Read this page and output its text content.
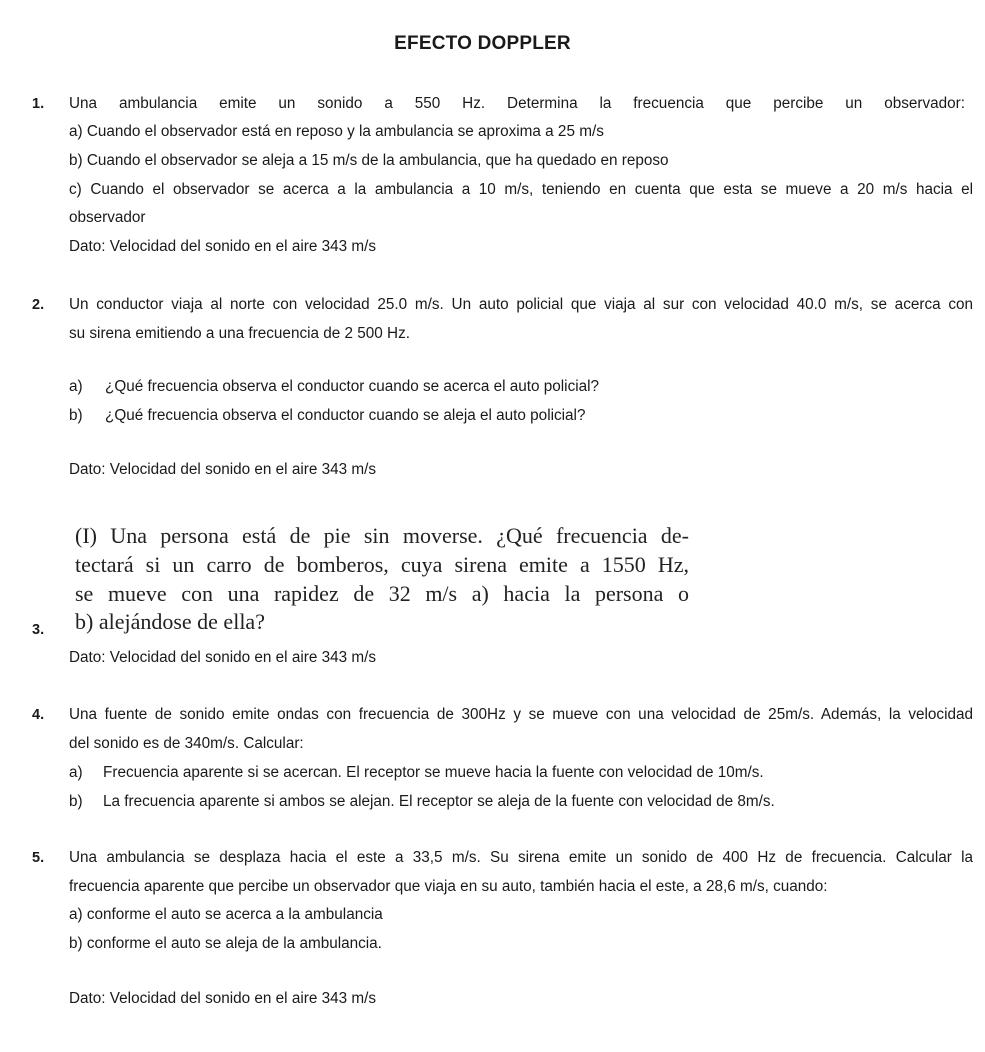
EFECTO DOPPLER
1. Una ambulancia emite un sonido a 550 Hz. Determina la frecuencia que percibe un observador:
a) Cuando el observador está en reposo y la ambulancia se aproxima a 25 m/s
b) Cuando el observador se aleja a 15 m/s de la ambulancia, que ha quedado en reposo
c) Cuando el observador se acerca a la ambulancia a 10 m/s, teniendo en cuenta que esta se mueve a 20 m/s hacia el
observador
Dato: Velocidad del sonido en el aire 343 m/s
2. Un conductor viaja al norte con velocidad 25.0 m/s. Un auto policial que viaja al sur con velocidad 40.0 m/s, se acerca con
su sirena emitiendo a una frecuencia de 2 500 Hz.
a) ¿Qué frecuencia observa el conductor cuando se acerca el auto policial?
b) ¿Qué frecuencia observa el conductor cuando se aleja el auto policial?
Dato: Velocidad del sonido en el aire 343 m/s
(I) Una persona está de pie sin moverse. ¿Qué frecuencia de-
tectará si un carro de bomberos, cuya sirena emite a 1550 Hz,
se mueve con una rapidez de 32 m/s a) hacia la persona o
b) alejándose de ella?
3.
Dato: Velocidad del sonido en el aire 343 m/s
4. Una fuente de sonido emite ondas con frecuencia de 300Hz y se mueve con una velocidad de 25m/s. Además, la velocidad
del sonido es de 340m/s. Calcular:
a) Frecuencia aparente si se acercan. El receptor se mueve hacia la fuente con velocidad de 10m/s.
b) La frecuencia aparente si ambos se alejan. El receptor se aleja de la fuente con velocidad de 8m/s.
5. Una ambulancia se desplaza hacia el este a 33,5 m/s. Su sirena emite un sonido de 400 Hz de frecuencia. Calcular la
frecuencia aparente que percibe un observador que viaja en su auto, también hacia el este, a 28,6 m/s, cuando:
a) conforme el auto se acerca a la ambulancia
b) conforme el auto se aleja de la ambulancia.
Dato: Velocidad del sonido en el aire 343 m/s
